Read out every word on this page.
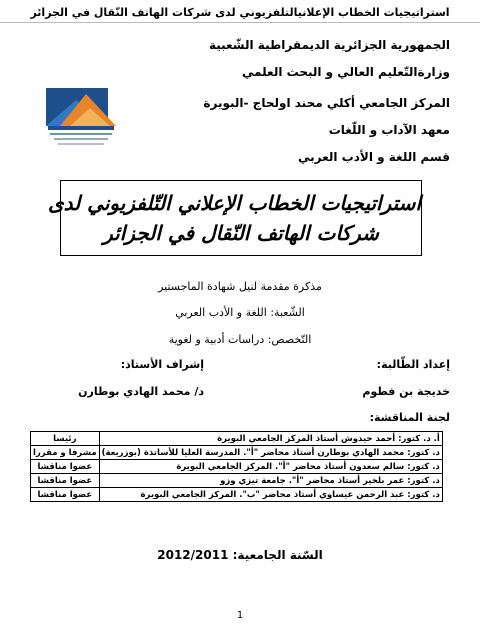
استراتيجيات الخطاب الإعلانيالتلفزيوني لدى شركات الهاتف النّقال في الجزائر
الجمهورية الجزائرية الديمقراطية الشّعبية
وزارةالتّعليم العالي و البحث العلمي
المركز الجامعي أكلي محند اولحاج -البويرة
معهد الآداب و اللّغات
قسم اللغة و الأدب العربي
استراتيجيات الخطاب الإعلاني التّلفزيوني لدى
شركات الهاتف النّقال في الجزائر
مذكرة مقدمة لنيل شهادة الماجستير
الشّعبة: اللغة و الأدب العربي
التّخصص: دراسات أدبية و لغوية
إعداد الطّالبة:
إشراف الأستاذ:
خديجة بن فطوم
د/ محمد الهادي بوطارن
لجنة المناقشة:
أ. د. كتور: أحمد حيدوش أستاذ المركز الجامعي البويرة	رئيسا
د. كتور: محمد الهادي بوطارن أستاذ محاضر "أ". المدرسة العليا للأساتذة (بوزريعة)	مشرفا و مقررا
د. كتور: سالم سعدون أستاذ محاضر "أ". المركز الجامعي البويرة	عضوا مناقشا
د. كتور: عمر بلخير أستاذ محاضر "أ". جامعة تيزي وزو	عضوا مناقشا
د. كتور: عبد الرحمن عيساوي أستاذ محاضر "ب". المركز الجامعي البويرة	عضوا مناقشا
السّنة الجامعية: 2012/2011
1
